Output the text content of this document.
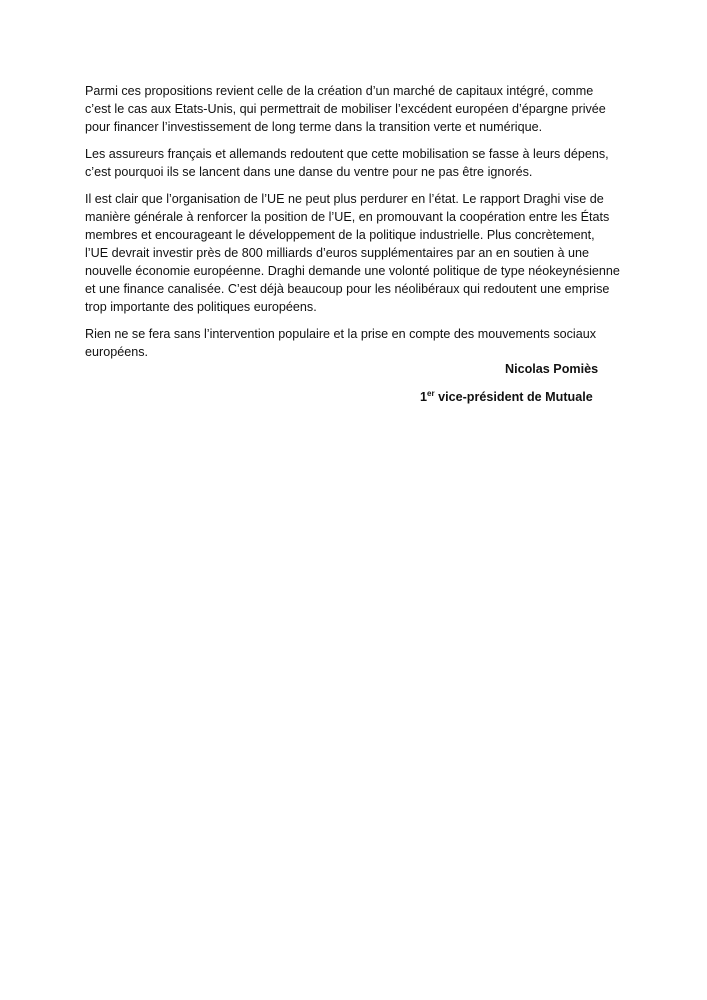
Parmi ces propositions revient celle de la création d’un marché de capitaux intégré, comme
c’est le cas aux Etats-Unis, qui permettrait de mobiliser l’excédent européen d’épargne privée
pour financer l’investissement de long terme dans la transition verte et numérique.

Les assureurs français et allemands redoutent que cette mobilisation se fasse à leurs dépens,
c’est pourquoi ils se lancent dans une danse du ventre pour ne pas être ignorés.

Il est clair que l’organisation de l’UE ne peut plus perdurer en l’état. Le rapport Draghi vise de
manière générale à renforcer la position de l’UE, en promouvant la coopération entre les États
membres et encourageant le développement de la politique industrielle. Plus concrètement,
l’UE devrait investir près de 800 milliards d’euros supplémentaires par an en soutien à une
nouvelle économie européenne. Draghi demande une volonté politique de type néokeynésienne
et une finance canalisée. C’est déjà beaucoup pour les néolibéraux qui redoutent une emprise
trop importante des politiques européens.

Rien ne se fera sans l’intervention populaire et la prise en compte des mouvements sociaux
européens.

Nicolas Pomiès
1er vice-président de Mutuale
